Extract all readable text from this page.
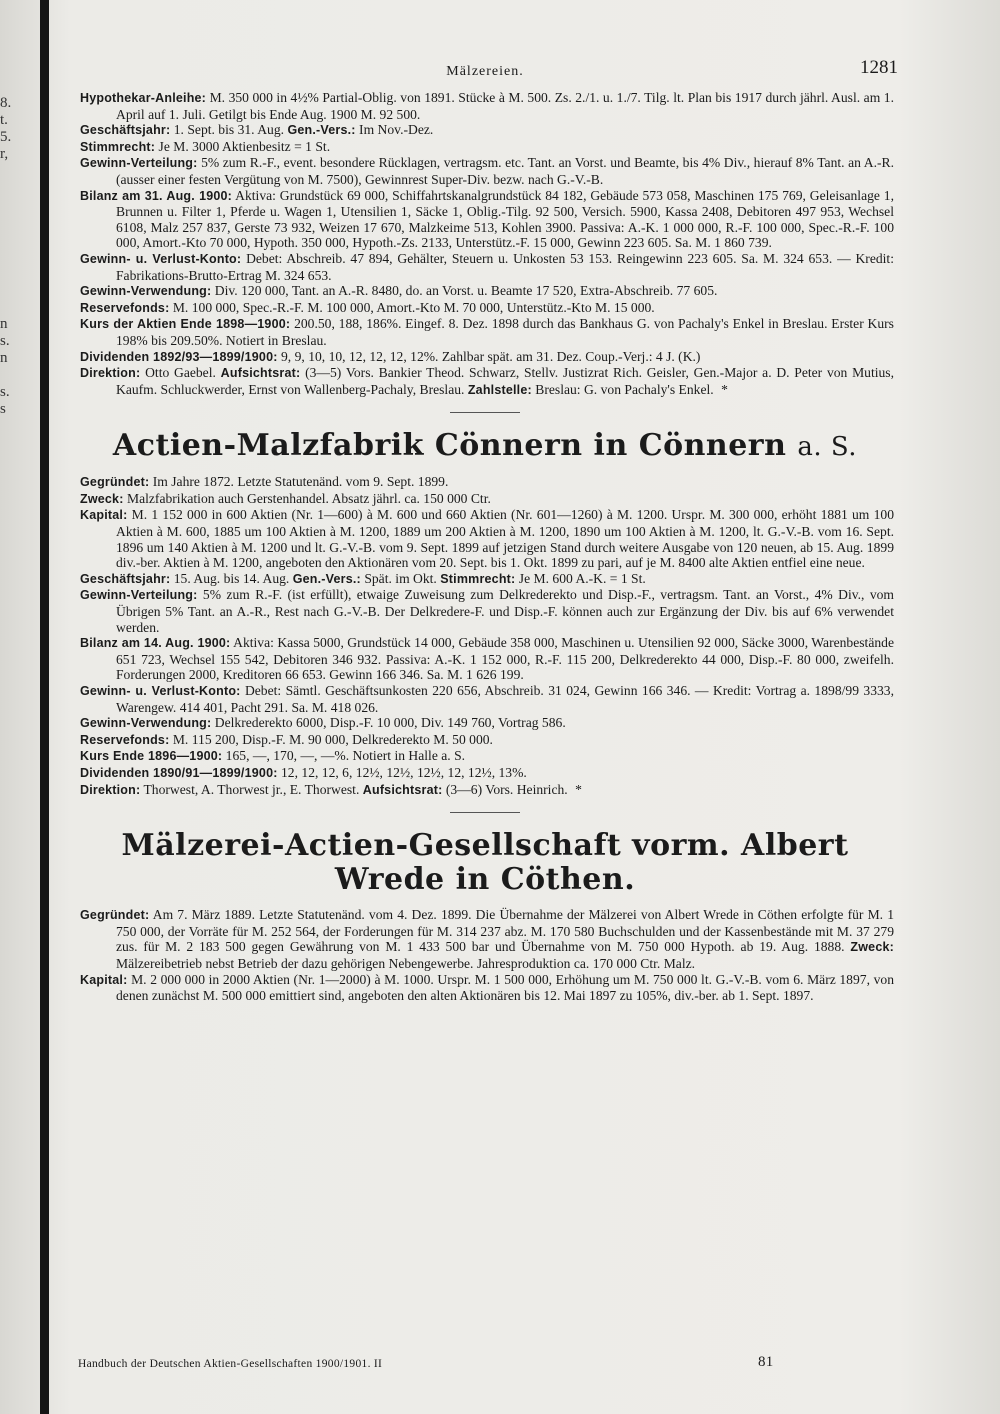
8.
t.
5.
r,

n
s.
n

s.
s
Mälzereien.	1281

Hypothekar-Anleihe: M. 350 000 in 4½% Partial-Oblig. von 1891. Stücke à M. 500. Zs. 2./1. u. 1./7. Tilg. lt. Plan bis 1917 durch jährl. Ausl. am 1. April auf 1. Juli. Getilgt bis Ende Aug. 1900 M. 92 500.

Geschäftsjahr: 1. Sept. bis 31. Aug. Gen.-Vers.: Im Nov.-Dez.

Stimmrecht: Je M. 3000 Aktienbesitz = 1 St.

Gewinn-Verteilung: 5% zum R.-F., event. besondere Rücklagen, vertragsm. etc. Tant. an Vorst. und Beamte, bis 4% Div., hierauf 8% Tant. an A.-R. (ausser einer festen Vergütung von M. 7500), Gewinnrest Super-Div. bezw. nach G.-V.-B.

Bilanz am 31. Aug. 1900: Aktiva: Grundstück 69 000, Schiffahrtskanalgrundstück 84 182, Gebäude 573 058, Maschinen 175 769, Geleisanlage 1, Brunnen u. Filter 1, Pferde u. Wagen 1, Utensilien 1, Säcke 1, Oblig.-Tilg. 92 500, Versich. 5900, Kassa 2408, Debitoren 497 953, Wechsel 6108, Malz 257 837, Gerste 73 932, Weizen 17 670, Malzkeime 513, Kohlen 3900. Passiva: A.-K. 1 000 000, R.-F. 100 000, Spec.-R.-F. 100 000, Amort.-Kto 70 000, Hypoth. 350 000, Hypoth.-Zs. 2133, Unterstütz.-F. 15 000, Gewinn 223 605. Sa. M. 1 860 739.

Gewinn- u. Verlust-Konto: Debet: Abschreib. 47 894, Gehälter, Steuern u. Unkosten 53 153. Reingewinn 223 605. Sa. M. 324 653. — Kredit: Fabrikations-Brutto-Ertrag M. 324 653.

Gewinn-Verwendung: Div. 120 000, Tant. an A.-R. 8480, do. an Vorst. u. Beamte 17 520, Extra-Abschreib. 77 605.

Reservefonds: M. 100 000, Spec.-R.-F. M. 100 000, Amort.-Kto M. 70 000, Unterstütz.-Kto M. 15 000.

Kurs der Aktien Ende 1898—1900: 200.50, 188, 186%. Eingef. 8. Dez. 1898 durch das Bankhaus G. von Pachaly's Enkel in Breslau. Erster Kurs 198% bis 209.50%. Notiert in Breslau.

Dividenden 1892/93—1899/1900: 9, 9, 10, 10, 12, 12, 12, 12%. Zahlbar spät. am 31. Dez. Coup.-Verj.: 4 J. (K.)

Direktion: Otto Gaebel. Aufsichtsrat: (3—5) Vors. Bankier Theod. Schwarz, Stellv. Justizrat Rich. Geisler, Gen.-Major a. D. Peter von Mutius, Kaufm. Schluckwerder, Ernst von Wallenberg-Pachaly, Breslau. Zahlstelle: Breslau: G. von Pachaly's Enkel. *

Actien-Malzfabrik Cönnern in Cönnern a. S.

Gegründet: Im Jahre 1872. Letzte Statutenänd. vom 9. Sept. 1899.

Zweck: Malzfabrikation auch Gerstenhandel. Absatz jährl. ca. 150 000 Ctr.

Kapital: M. 1 152 000 in 600 Aktien (Nr. 1—600) à M. 600 und 660 Aktien (Nr. 601—1260) à M. 1200. Urspr. M. 300 000, erhöht 1881 um 100 Aktien à M. 600, 1885 um 100 Aktien à M. 1200, 1889 um 200 Aktien à M. 1200, 1890 um 100 Aktien à M. 1200, lt. G.-V.-B. vom 16. Sept. 1896 um 140 Aktien à M. 1200 und lt. G.-V.-B. vom 9. Sept. 1899 auf jetzigen Stand durch weitere Ausgabe von 120 neuen, ab 15. Aug. 1899 div.-ber. Aktien à M. 1200, angeboten den Aktionären vom 20. Sept. bis 1. Okt. 1899 zu pari, auf je M. 8400 alte Aktien entfiel eine neue.

Geschäftsjahr: 15. Aug. bis 14. Aug. Gen.-Vers.: Spät. im Okt. Stimmrecht: Je M. 600 A.-K. = 1 St.

Gewinn-Verteilung: 5% zum R.-F. (ist erfüllt), etwaige Zuweisung zum Delkrederekto und Disp.-F., vertragsm. Tant. an Vorst., 4% Div., vom Übrigen 5% Tant. an A.-R., Rest nach G.-V.-B. Der Delkredere-F. und Disp.-F. können auch zur Ergänzung der Div. bis auf 6% verwendet werden.

Bilanz am 14. Aug. 1900: Aktiva: Kassa 5000, Grundstück 14 000, Gebäude 358 000, Maschinen u. Utensilien 92 000, Säcke 3000, Warenbestände 651 723, Wechsel 155 542, Debitoren 346 932. Passiva: A.-K. 1 152 000, R.-F. 115 200, Delkrederekto 44 000, Disp.-F. 80 000, zweifelh. Forderungen 2000, Kreditoren 66 653. Gewinn 166 346. Sa. M. 1 626 199.

Gewinn- u. Verlust-Konto: Debet: Sämtl. Geschäftsunkosten 220 656, Abschreib. 31 024, Gewinn 166 346. — Kredit: Vortrag a. 1898/99 3333, Warengew. 414 401, Pacht 291. Sa. M. 418 026.

Gewinn-Verwendung: Delkrederekto 6000, Disp.-F. 10 000, Div. 149 760, Vortrag 586.

Reservefonds: M. 115 200, Disp.-F. M. 90 000, Delkrederekto M. 50 000.

Kurs Ende 1896—1900: 165, —, 170, —, —%. Notiert in Halle a. S.

Dividenden 1890/91—1899/1900: 12, 12, 12, 6, 12½, 12½, 12½, 12, 12½, 13%.

Direktion: Thorwest, A. Thorwest jr., E. Thorwest. Aufsichtsrat: (3—6) Vors. Heinrich. *

Mälzerei-Actien-Gesellschaft vorm. Albert Wrede in Cöthen.

Gegründet: Am 7. März 1889. Letzte Statutenänd. vom 4. Dez. 1899. Die Übernahme der Mälzerei von Albert Wrede in Cöthen erfolgte für M. 1 750 000, der Vorräte für M. 252 564, der Forderungen für M. 314 237 abz. M. 170 580 Buchschulden und der Kassenbestände mit M. 37 279 zus. für M. 2 183 500 gegen Gewährung von M. 1 433 500 bar und Übernahme von M. 750 000 Hypoth. ab 19. Aug. 1888. Zweck: Mälzereibetrieb nebst Betrieb der dazu gehörigen Nebengewerbe. Jahresproduktion ca. 170 000 Ctr. Malz.

Kapital: M. 2 000 000 in 2000 Aktien (Nr. 1—2000) à M. 1000. Urspr. M. 1 500 000, Erhöhung um M. 750 000 lt. G.-V.-B. vom 6. März 1897, von denen zunächst M. 500 000 emittiert sind, angeboten den alten Aktionären bis 12. Mai 1897 zu 105%, div.-ber. ab 1. Sept. 1897.

Handbuch der Deutschen Aktien-Gesellschaften 1900/1901. II	81
